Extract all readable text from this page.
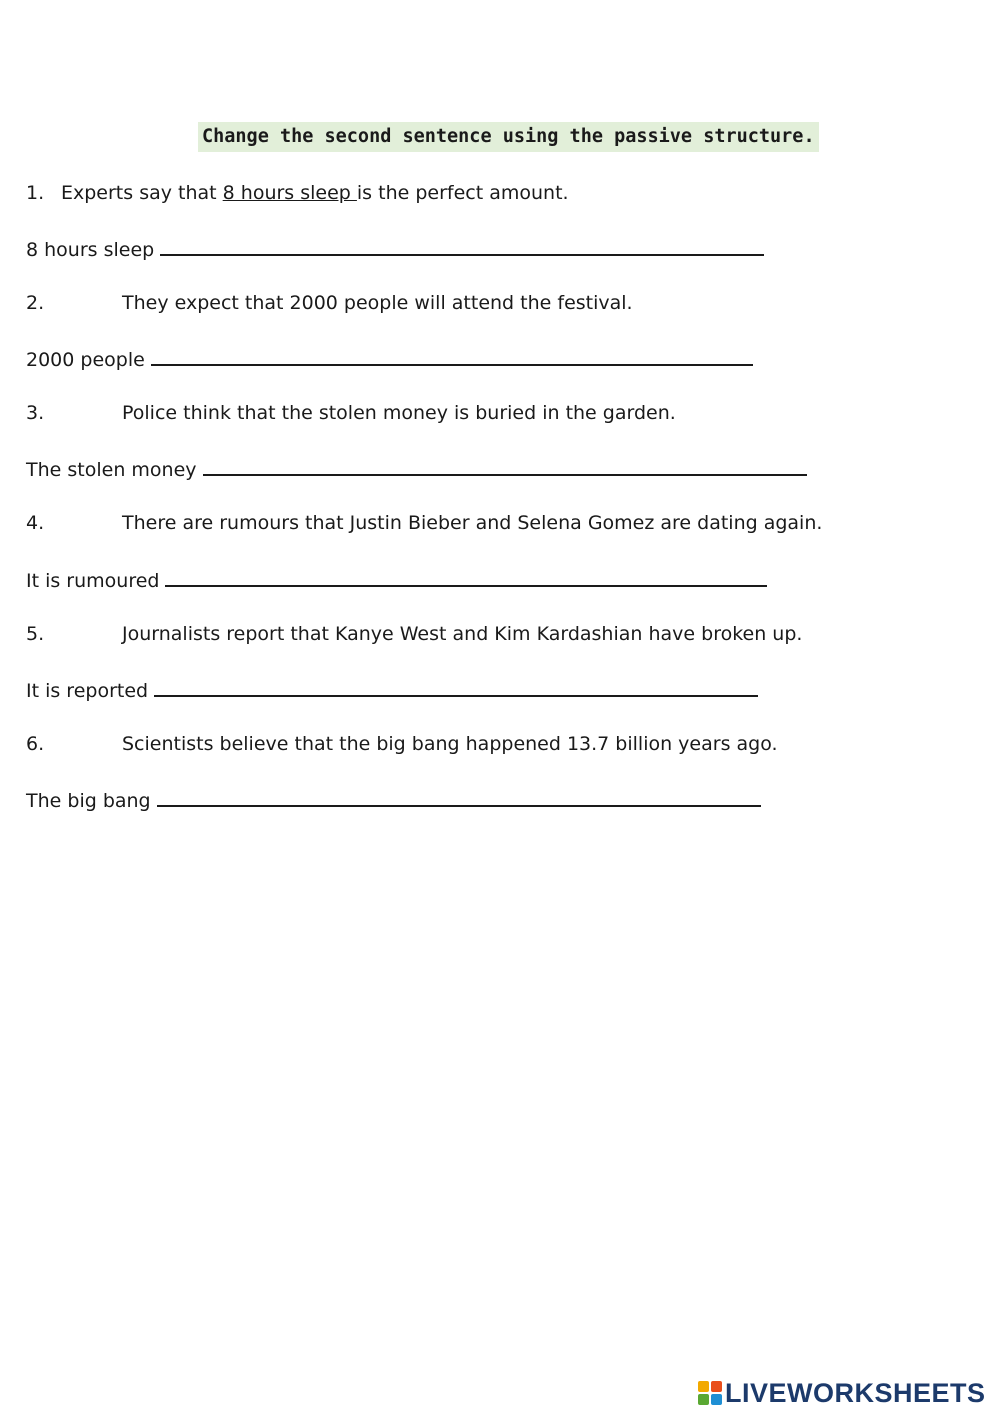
Change the second sentence using the passive structure.
1. Experts say that 8 hours sleep is the perfect amount.
8 hours sleep
2.	They expect that 2000 people will attend the festival.
2000 people
3.	Police think that the stolen money is buried in the garden.
The stolen money
4.	There are rumours that Justin Bieber and Selena Gomez are dating again.
It is rumoured
5.	Journalists report that Kanye West and Kim Kardashian have broken up.
It is reported
6.	Scientists believe that the big bang happened 13.7 billion years ago.
The big bang
LIVEWORKSHEETS
